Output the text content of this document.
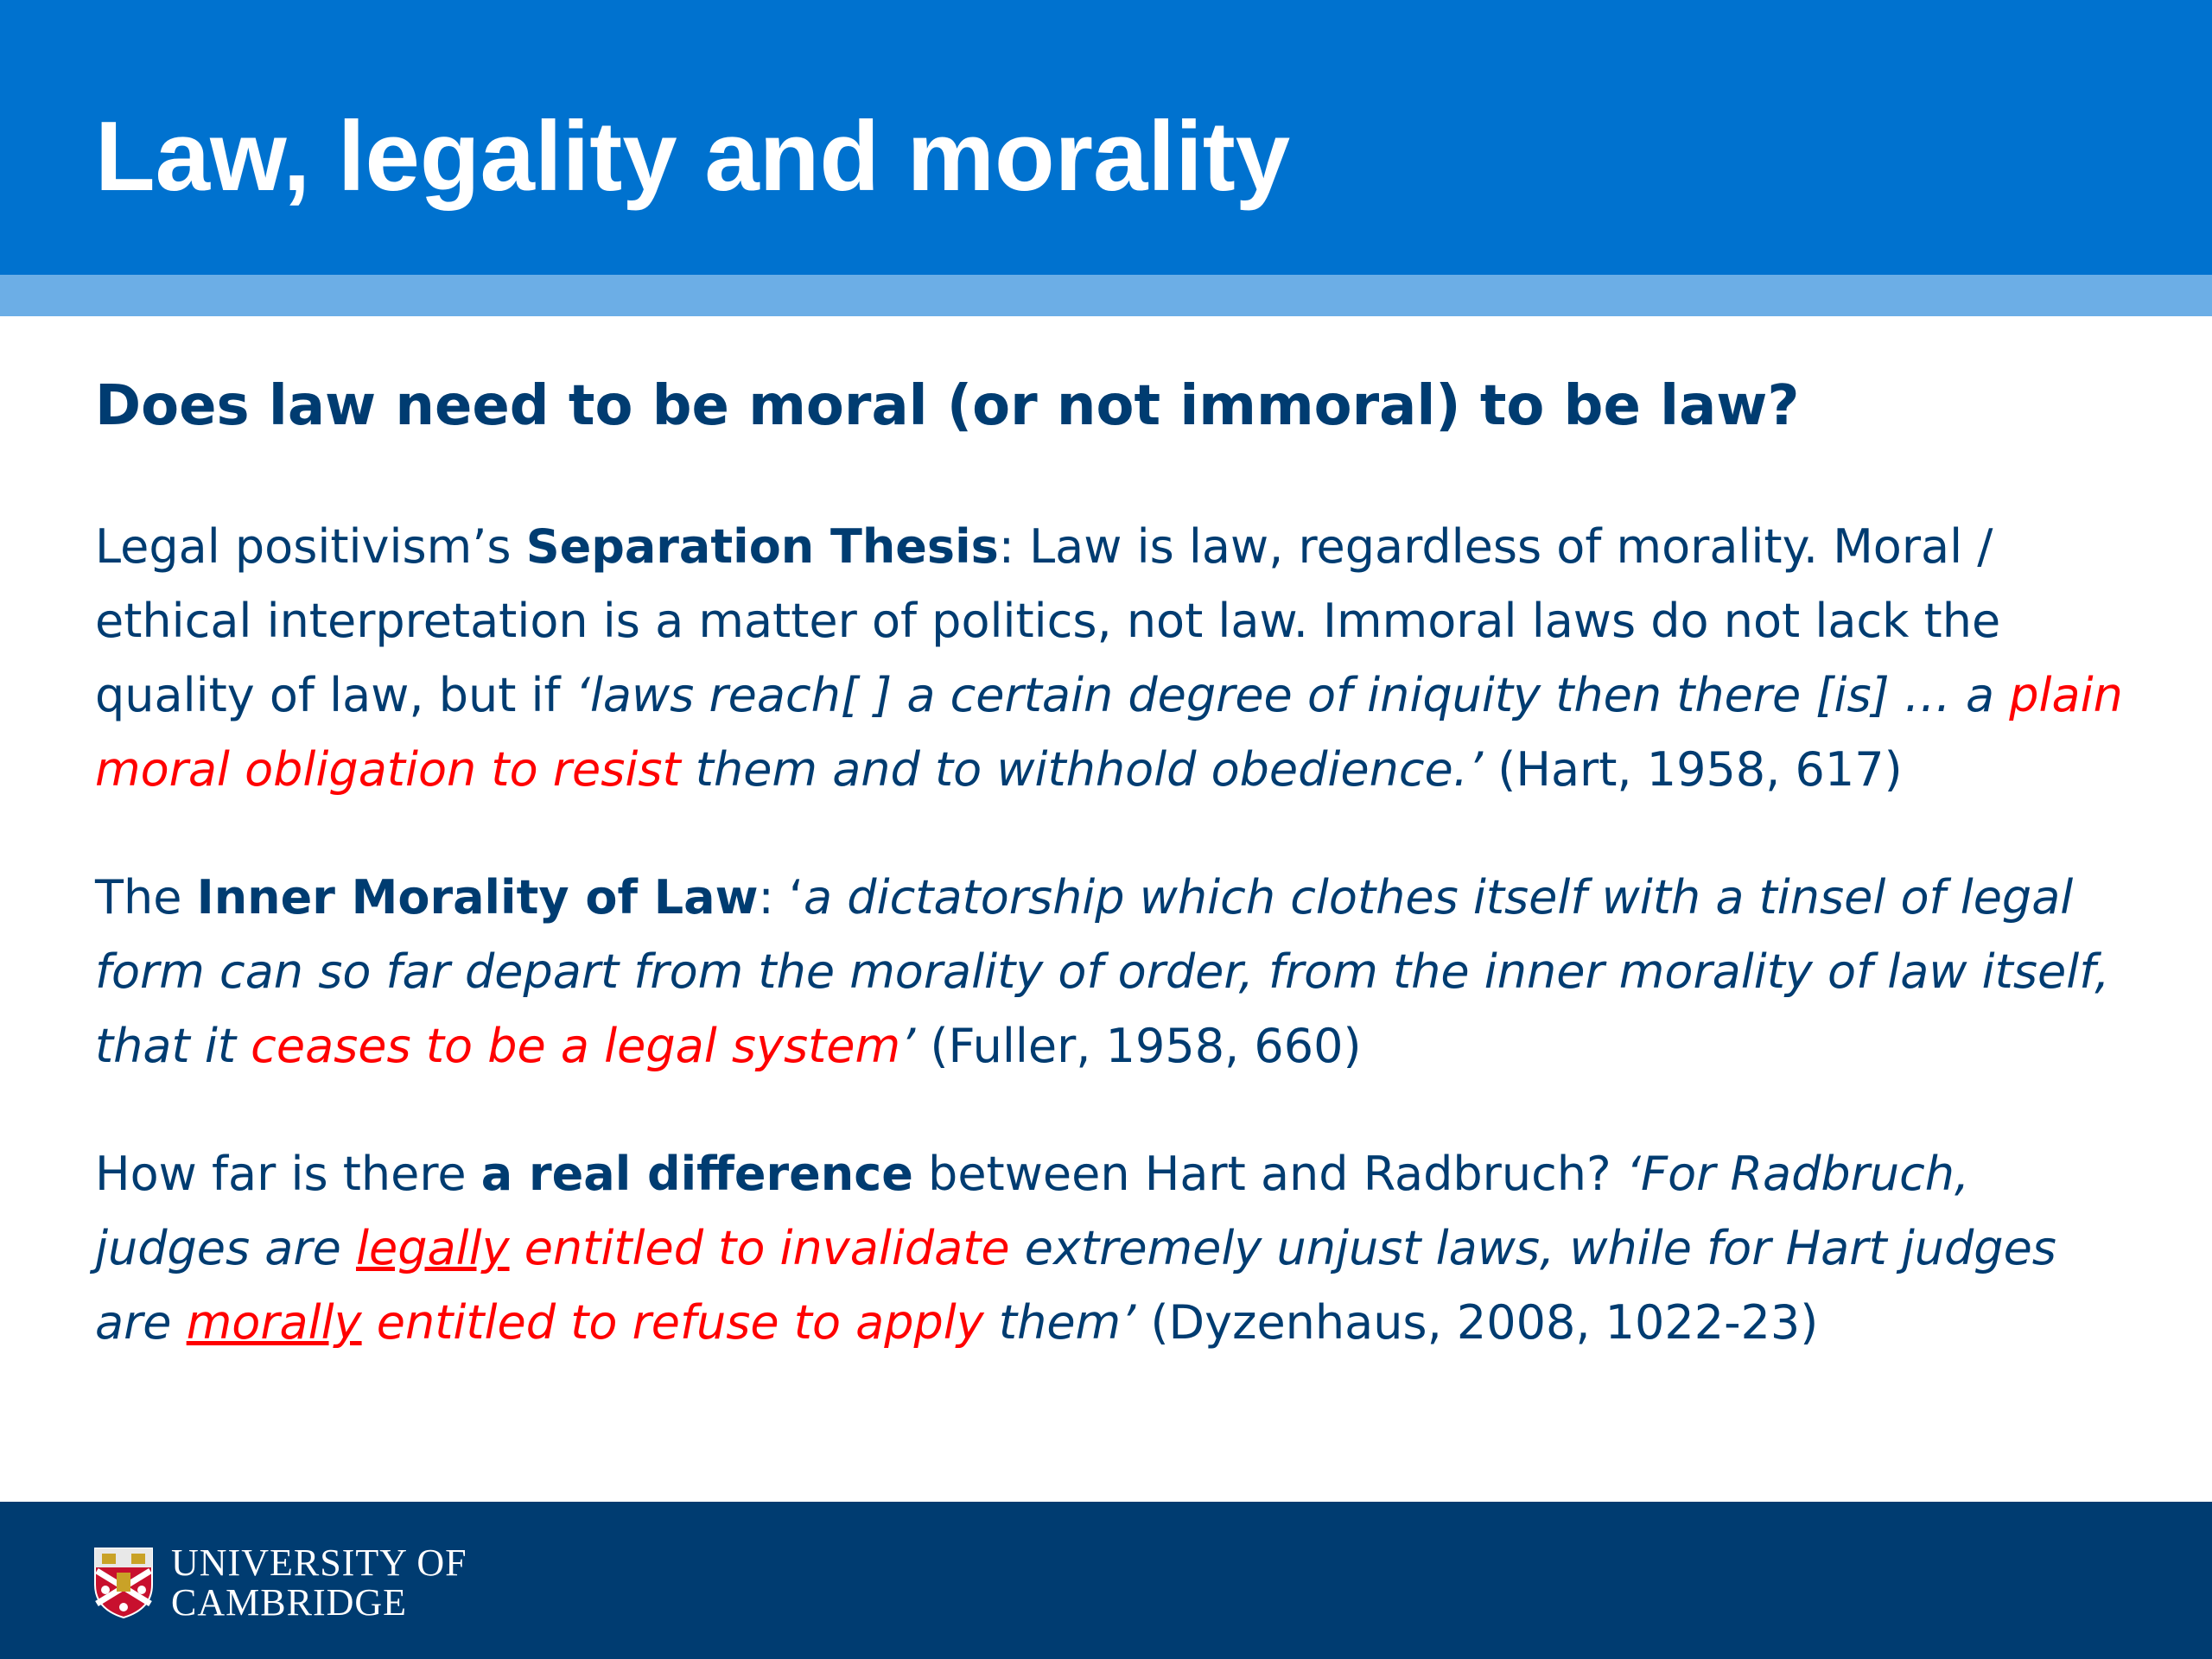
Law, legality and morality

Does law need to be moral (or not immoral) to be law?

Legal positivism’s Separation Thesis: Law is law, regardless of morality. Moral / ethical interpretation is a matter of politics, not law. Immoral laws do not lack the quality of law, but if ‘laws reach[ ] a certain degree of iniquity then there [is] … a plain moral obligation to resist them and to withhold obedience.’ (Hart, 1958, 617)

The Inner Morality of Law: ‘a dictatorship which clothes itself with a tinsel of legal form can so far depart from the morality of order, from the inner morality of law itself, that it ceases to be a legal system’ (Fuller, 1958, 660)

How far is there a real difference between Hart and Radbruch? ‘For Radbruch, judges are legally entitled to invalidate extremely unjust laws, while for Hart judges are morally entitled to refuse to apply them’ (Dyzenhaus, 2008, 1022-23)

UNIVERSITY OF
CAMBRIDGE
